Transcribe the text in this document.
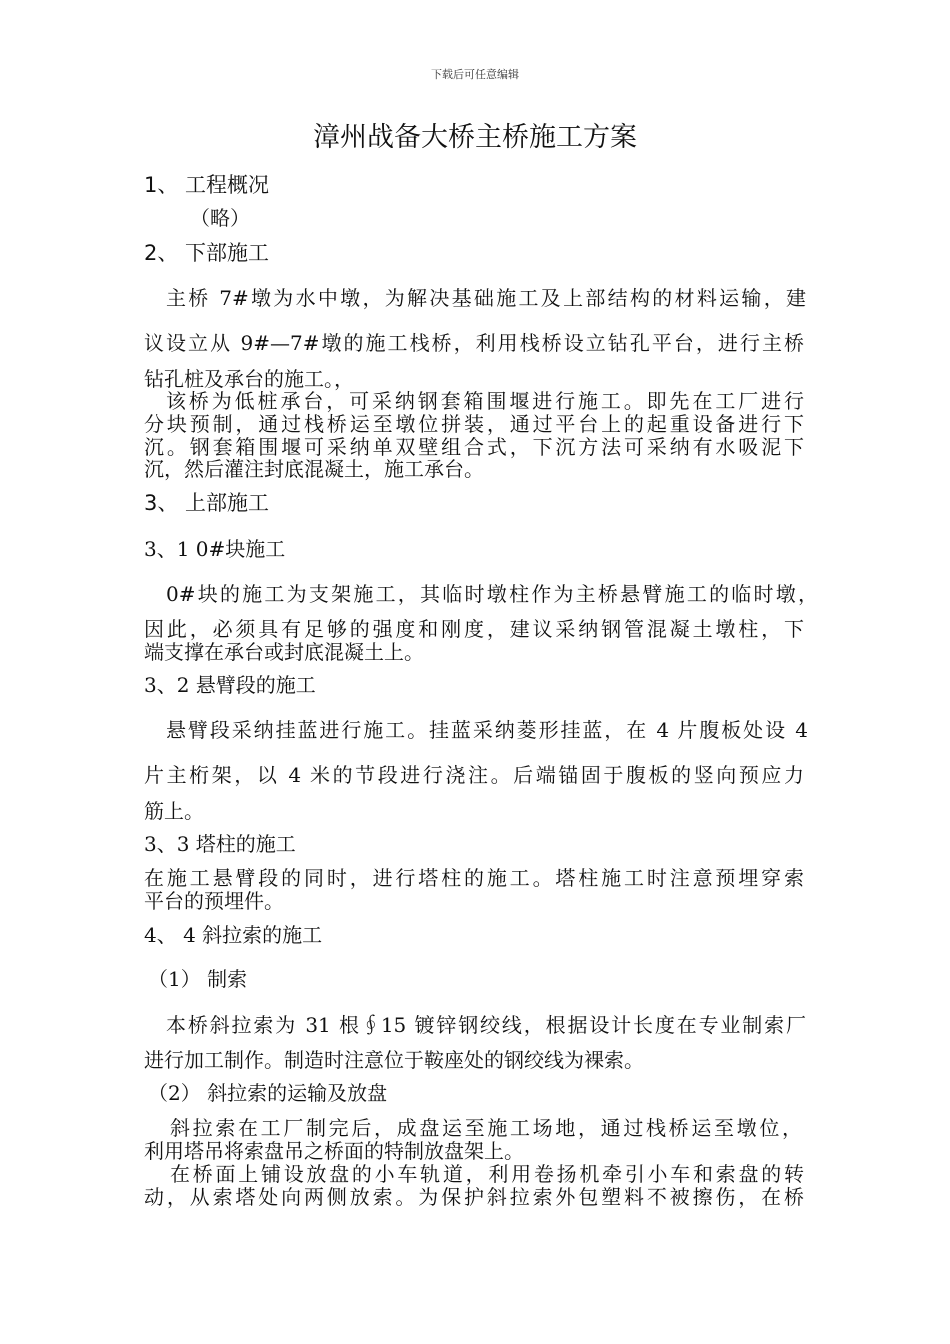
下载后可任意编辑
漳州战备大桥主桥施工方案
1、 工程概况
（略）
2、 下部施工
主桥 7#墩为水中墩，为解决基础施工及上部结构的材料运输，建
议设立从 9#—7#墩的施工栈桥，利用栈桥设立钻孔平台，进行主桥
钻孔桩及承台的施工。，
该桥为低桩承台，可采纳钢套箱围堰进行施工。即先在工厂进行
分块预制，通过栈桥运至墩位拼装，通过平台上的起重设备进行下
沉。钢套箱围堰可采纳单双壁组合式，下沉方法可采纳有水吸泥下
沉，然后灌注封底混凝土，施工承台。
3、 上部施工
3、1 0#块施工
0#块的施工为支架施工，其临时墩柱作为主桥悬臂施工的临时墩，
因此，必须具有足够的强度和刚度，建议采纳钢管混凝土墩柱，下
端支撑在承台或封底混凝土上。
3、2 悬臂段的施工
悬臂段采纳挂蓝进行施工。挂蓝采纳菱形挂蓝，在 4 片腹板处设 4
片主桁架，以 4 米的节段进行浇注。后端锚固于腹板的竖向预应力
筋上。
3、3 塔柱的施工
在施工悬臂段的同时，进行塔柱的施工。塔柱施工时注意预埋穿索
平台的预埋件。
4、 4 斜拉索的施工
（1） 制索
本桥斜拉索为 31 根∮15 镀锌钢绞线，根据设计长度在专业制索厂
进行加工制作。制造时注意位于鞍座处的钢绞线为裸索。
（2） 斜拉索的运输及放盘
斜拉索在工厂制完后，成盘运至施工场地，通过栈桥运至墩位，
利用塔吊将索盘吊之桥面的特制放盘架上。
在桥面上铺设放盘的小车轨道，利用卷扬机牵引小车和索盘的转
动，从索塔处向两侧放索。为保护斜拉索外包塑料不被擦伤，在桥
